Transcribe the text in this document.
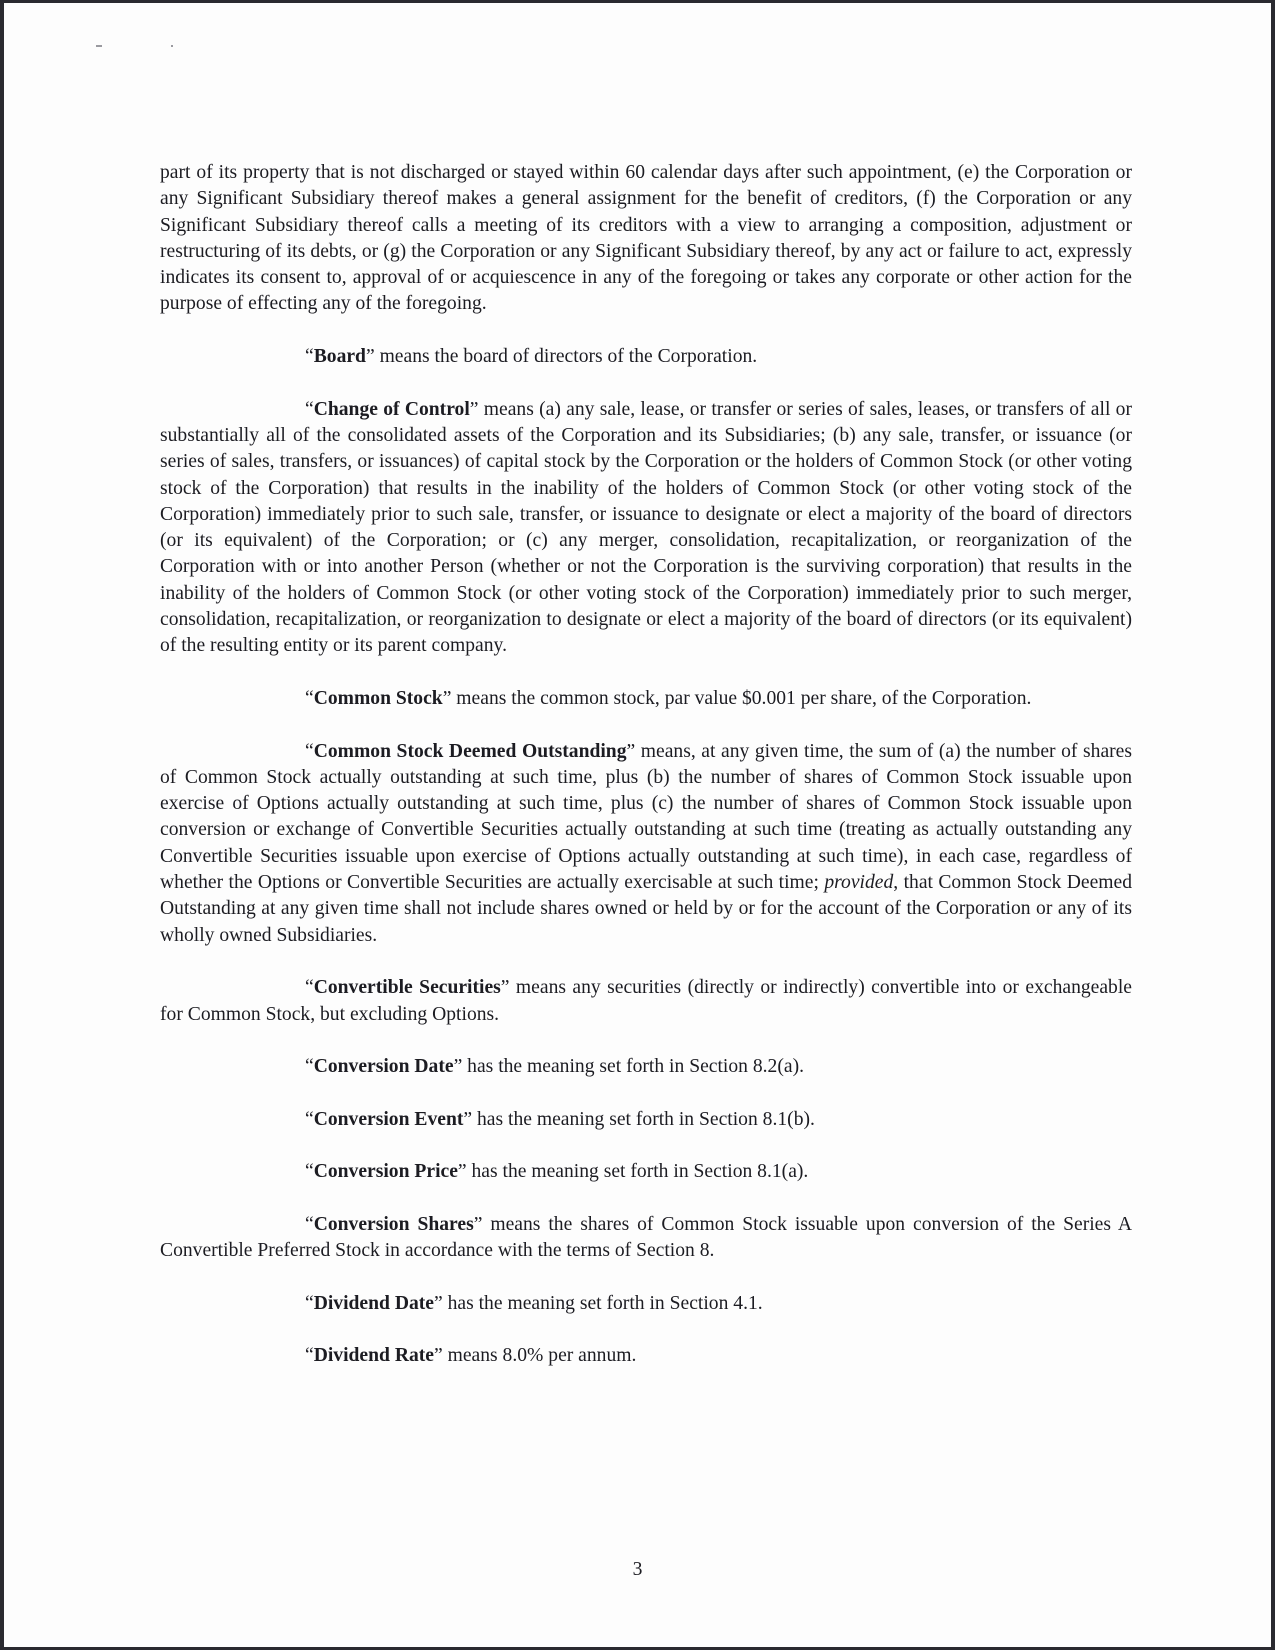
part of its property that is not discharged or stayed within 60 calendar days after such appointment, (e) the Corporation or any Significant Subsidiary thereof makes a general assignment for the benefit of creditors, (f) the Corporation or any Significant Subsidiary thereof calls a meeting of its creditors with a view to arranging a composition, adjustment or restructuring of its debts, or (g) the Corporation or any Significant Subsidiary thereof, by any act or failure to act, expressly indicates its consent to, approval of or acquiescence in any of the foregoing or takes any corporate or other action for the purpose of effecting any of the foregoing.

“Board” means the board of directors of the Corporation.

“Change of Control” means (a) any sale, lease, or transfer or series of sales, leases, or transfers of all or substantially all of the consolidated assets of the Corporation and its Subsidiaries; (b) any sale, transfer, or issuance (or series of sales, transfers, or issuances) of capital stock by the Corporation or the holders of Common Stock (or other voting stock of the Corporation) that results in the inability of the holders of Common Stock (or other voting stock of the Corporation) immediately prior to such sale, transfer, or issuance to designate or elect a majority of the board of directors (or its equivalent) of the Corporation; or (c) any merger, consolidation, recapitalization, or reorganization of the Corporation with or into another Person (whether or not the Corporation is the surviving corporation) that results in the inability of the holders of Common Stock (or other voting stock of the Corporation) immediately prior to such merger, consolidation, recapitalization, or reorganization to designate or elect a majority of the board of directors (or its equivalent) of the resulting entity or its parent company.

“Common Stock” means the common stock, par value $0.001 per share, of the Corporation.

“Common Stock Deemed Outstanding” means, at any given time, the sum of (a) the number of shares of Common Stock actually outstanding at such time, plus (b) the number of shares of Common Stock issuable upon exercise of Options actually outstanding at such time, plus (c) the number of shares of Common Stock issuable upon conversion or exchange of Convertible Securities actually outstanding at such time (treating as actually outstanding any Convertible Securities issuable upon exercise of Options actually outstanding at such time), in each case, regardless of whether the Options or Convertible Securities are actually exercisable at such time; provided, that Common Stock Deemed Outstanding at any given time shall not include shares owned or held by or for the account of the Corporation or any of its wholly owned Subsidiaries.

“Convertible Securities” means any securities (directly or indirectly) convertible into or exchangeable for Common Stock, but excluding Options.

“Conversion Date” has the meaning set forth in Section 8.2(a).

“Conversion Event” has the meaning set forth in Section 8.1(b).

“Conversion Price” has the meaning set forth in Section 8.1(a).

“Conversion Shares” means the shares of Common Stock issuable upon conversion of the Series A Convertible Preferred Stock in accordance with the terms of Section 8.

“Dividend Date” has the meaning set forth in Section 4.1.

“Dividend Rate” means 8.0% per annum.

3
